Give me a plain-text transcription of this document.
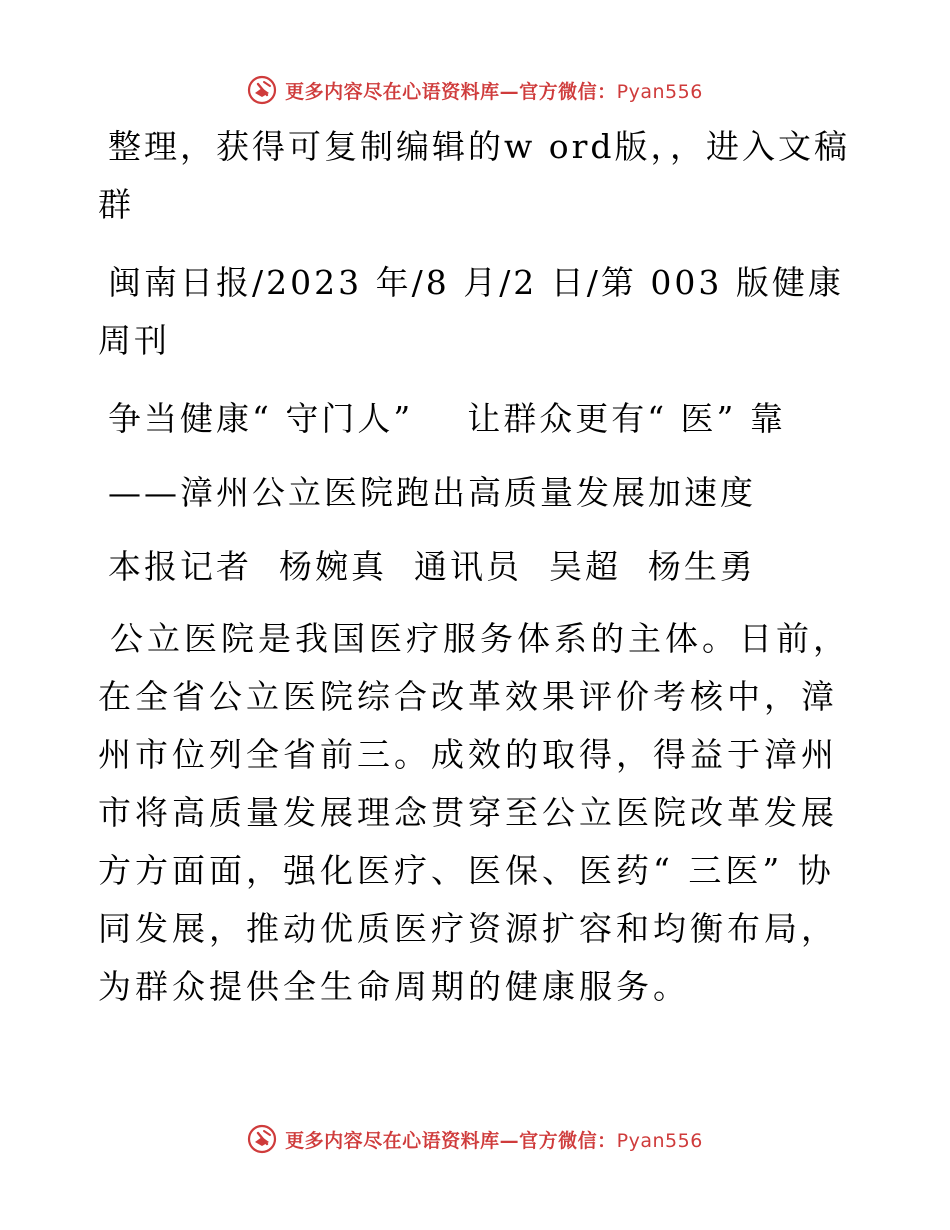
更多内容尽在心语资料库—官方微信：Pyan556

整理，获得可复制编辑的w ord版，，进入文稿群

闽南日报/2023 年/8 月/2 日/第 003 版健康周刊

争当健康“ 守门人”    让群众更有“ 医” 靠

——漳州公立医院跑出高质量发展加速度

本报记者  杨婉真  通讯员  吴超  杨生勇

公立医院是我国医疗服务体系的主体。日前，在全省公立医院综合改革效果评价考核中，漳州市位列全省前三。成效的取得，得益于漳州市将高质量发展理念贯穿至公立医院改革发展方方面面，强化医疗、医保、医药“ 三医” 协同发展，推动优质医疗资源扩容和均衡布局，为群众提供全生命周期的健康服务。

更多内容尽在心语资料库—官方微信：Pyan556
